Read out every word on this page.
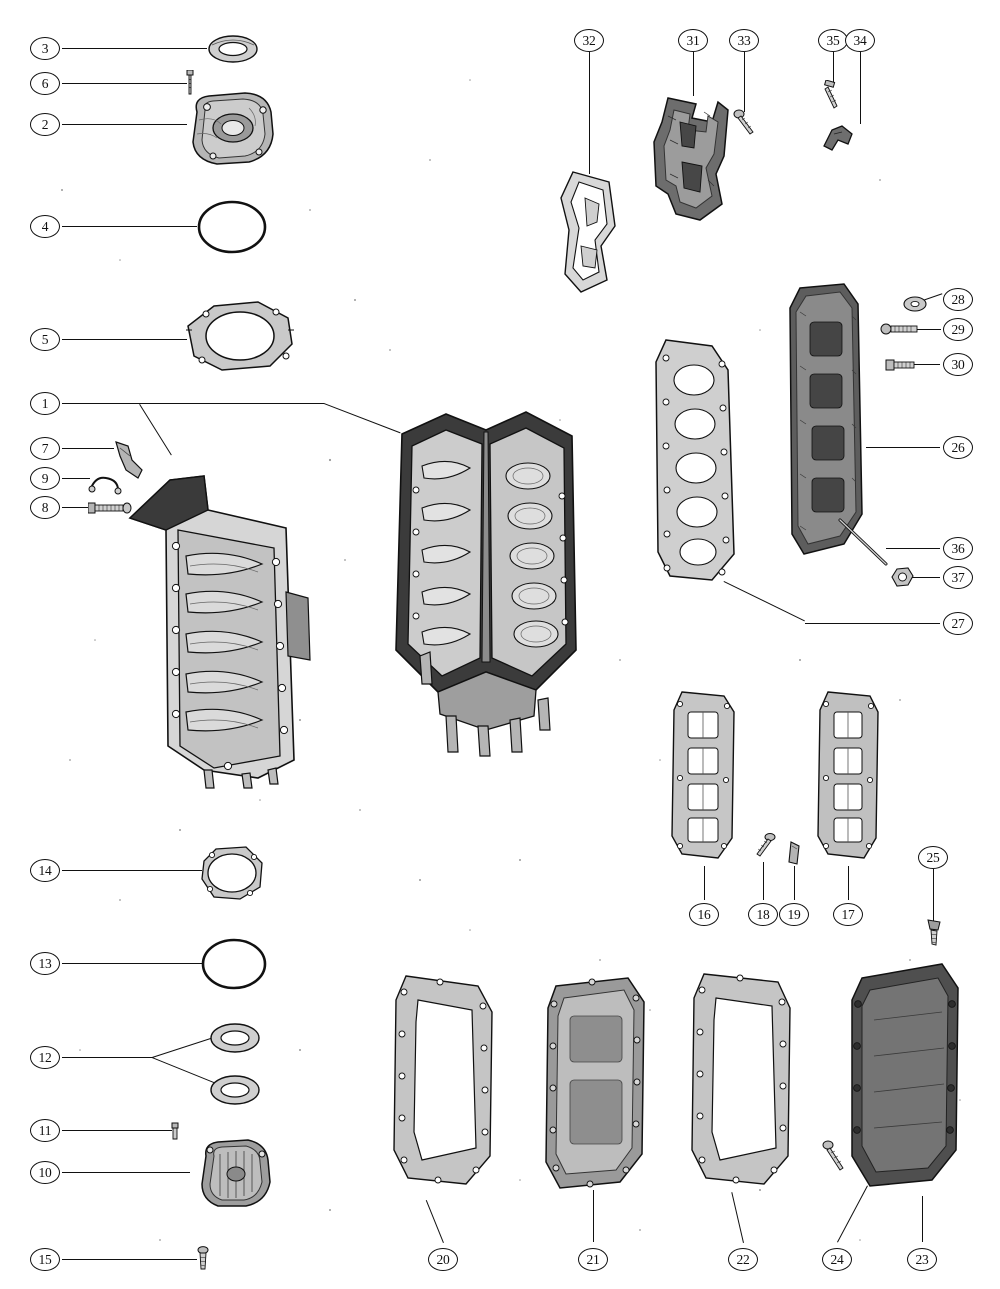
3
6
2
4
5
1
7
9
8
14
13
12
11
10
15
32	31	33	35	34
28
29
30
26
36
37
27
16	18	19	17
25
20	21	22	24	23
